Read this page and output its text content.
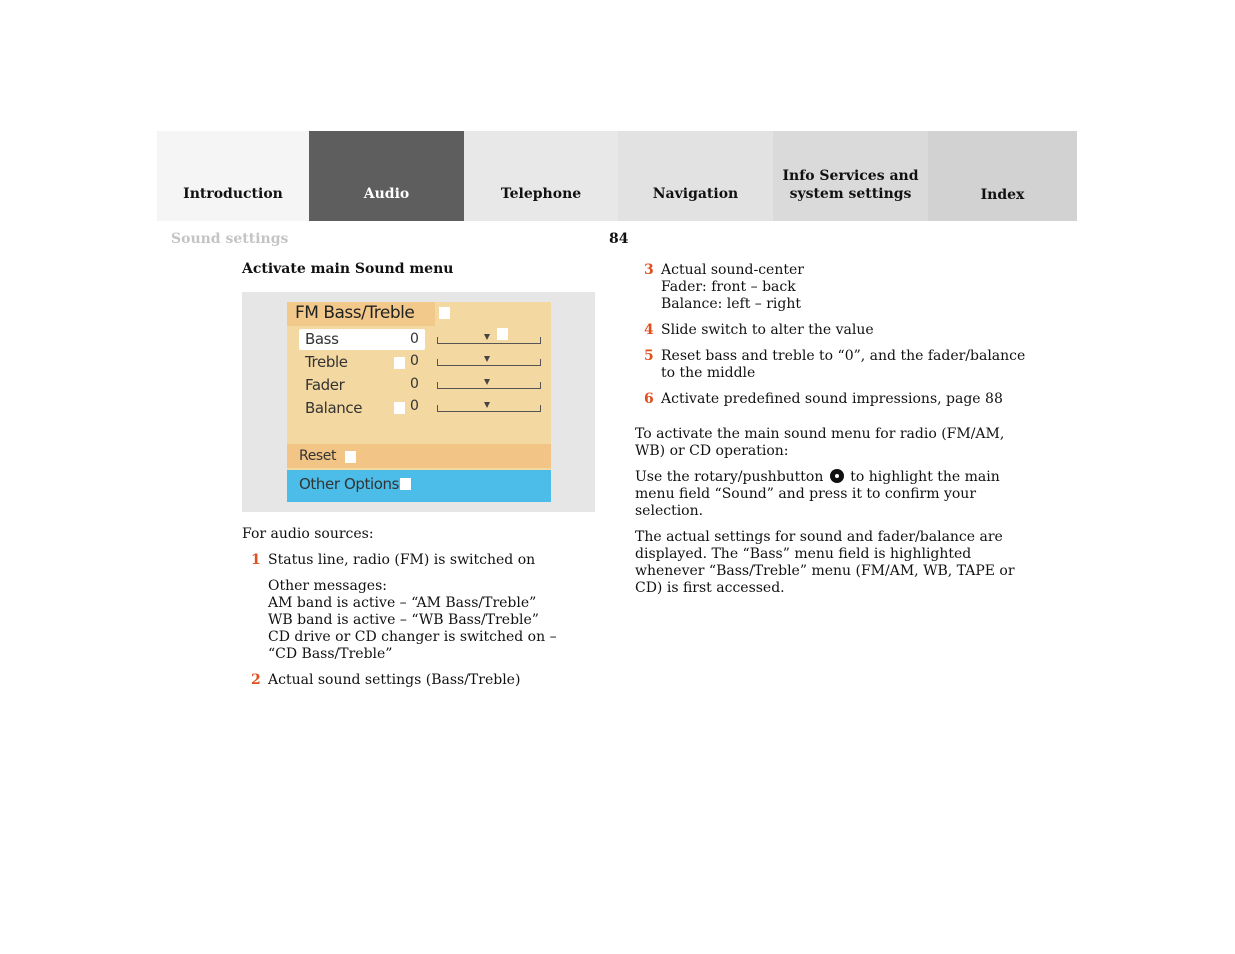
Introduction	Audio	Telephone	Navigation
Info Services and
system settings	Index
Sound settings	84
Activate main Sound menu
FM Bass/Treble
Bass	0
Treble	0
Fader	0
Balance	0
Reset
Other Options
For audio sources:
1 Status line, radio (FM) is switched on
Other messages:
AM band is active – “AM Bass/Treble”
WB band is active – “WB Bass/Treble”
CD drive or CD changer is switched on –
“CD Bass/Treble”
2 Actual sound settings (Bass/Treble)
3 Actual sound-center
Fader: front – back
Balance: left – right
4 Slide switch to alter the value
5 Reset bass and treble to “0”, and the fader/balance
to the middle
6 Activate predefined sound impressions, page 88
To activate the main sound menu for radio (FM/AM,
WB) or CD operation:
Use the rotary/pushbutton to highlight the main
menu field “Sound” and press it to confirm your
selection.
The actual settings for sound and fader/balance are
displayed. The “Bass” menu field is highlighted
whenever “Bass/Treble” menu (FM/AM, WB, TAPE or
CD) is first accessed.
